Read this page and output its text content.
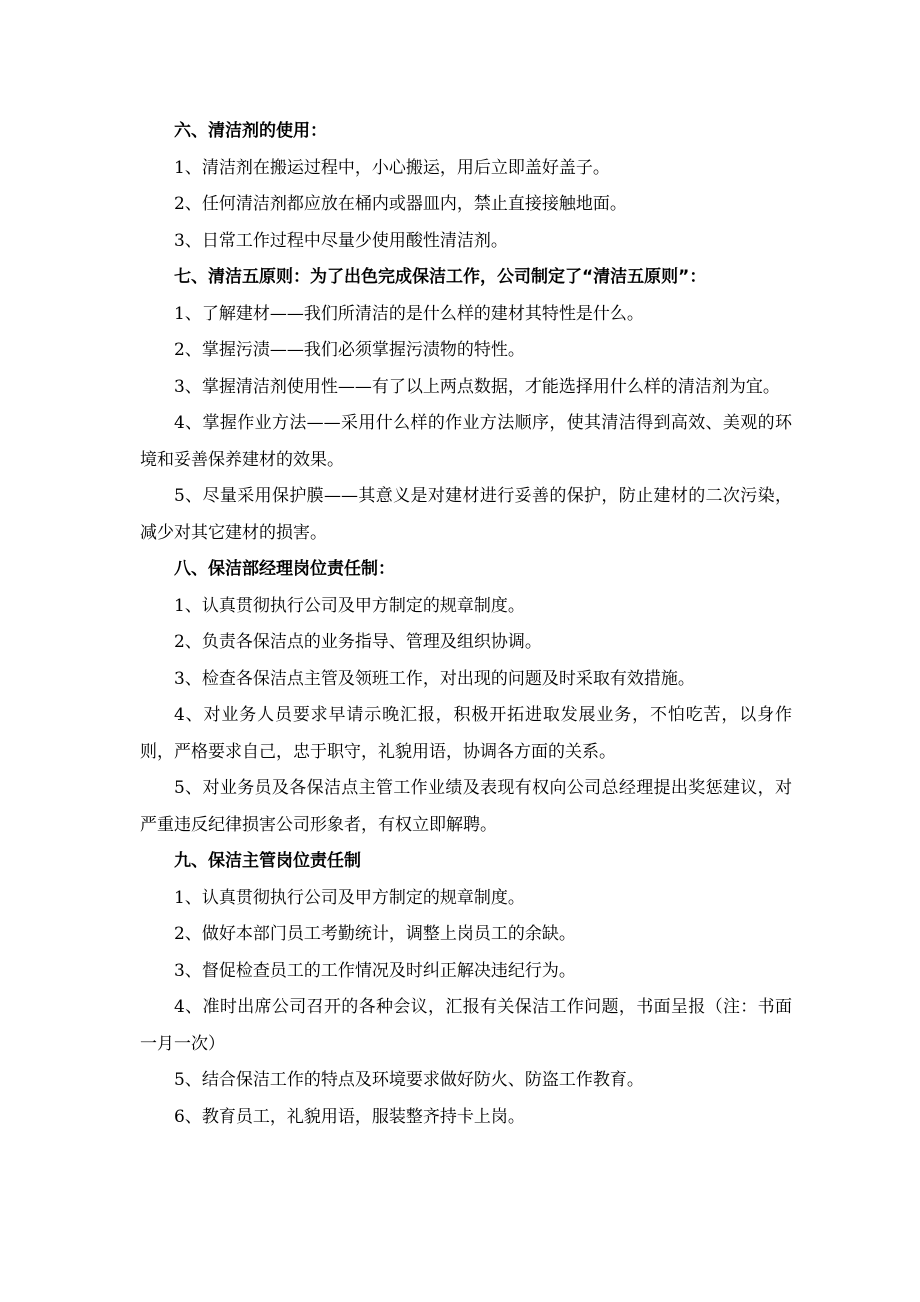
六、清洁剂的使用：

1、清洁剂在搬运过程中，小心搬运，用后立即盖好盖子。

2、任何清洁剂都应放在桶内或器皿内，禁止直接接触地面。

3、日常工作过程中尽量少使用酸性清洁剂。

七、清洁五原则：为了出色完成保洁工作，公司制定了“清洁五原则”：

1、了解建材——我们所清洁的是什么样的建材其特性是什么。

2、掌握污渍——我们必须掌握污渍物的特性。

3、掌握清洁剂使用性——有了以上两点数据，才能选择用什么样的清洁剂为宜。

4、掌握作业方法——采用什么样的作业方法顺序，使其清洁得到高效、美观的环境和妥善保养建材的效果。

5、尽量采用保护膜——其意义是对建材进行妥善的保护，防止建材的二次污染，减少对其它建材的损害。

八、保洁部经理岗位责任制：

1、认真贯彻执行公司及甲方制定的规章制度。

2、负责各保洁点的业务指导、管理及组织协调。

3、检查各保洁点主管及领班工作，对出现的问题及时采取有效措施。

4、对业务人员要求早请示晚汇报，积极开拓进取发展业务，不怕吃苦，以身作则，严格要求自己，忠于职守，礼貌用语，协调各方面的关系。

5、对业务员及各保洁点主管工作业绩及表现有权向公司总经理提出奖惩建议，对严重违反纪律损害公司形象者，有权立即解聘。

九、保洁主管岗位责任制

1、认真贯彻执行公司及甲方制定的规章制度。

2、做好本部门员工考勤统计，调整上岗员工的余缺。

3、督促检查员工的工作情况及时纠正解决违纪行为。

4、准时出席公司召开的各种会议，汇报有关保洁工作问题，书面呈报（注：书面一月一次）

5、结合保洁工作的特点及环境要求做好防火、防盗工作教育。

6、教育员工，礼貌用语，服装整齐持卡上岗。
